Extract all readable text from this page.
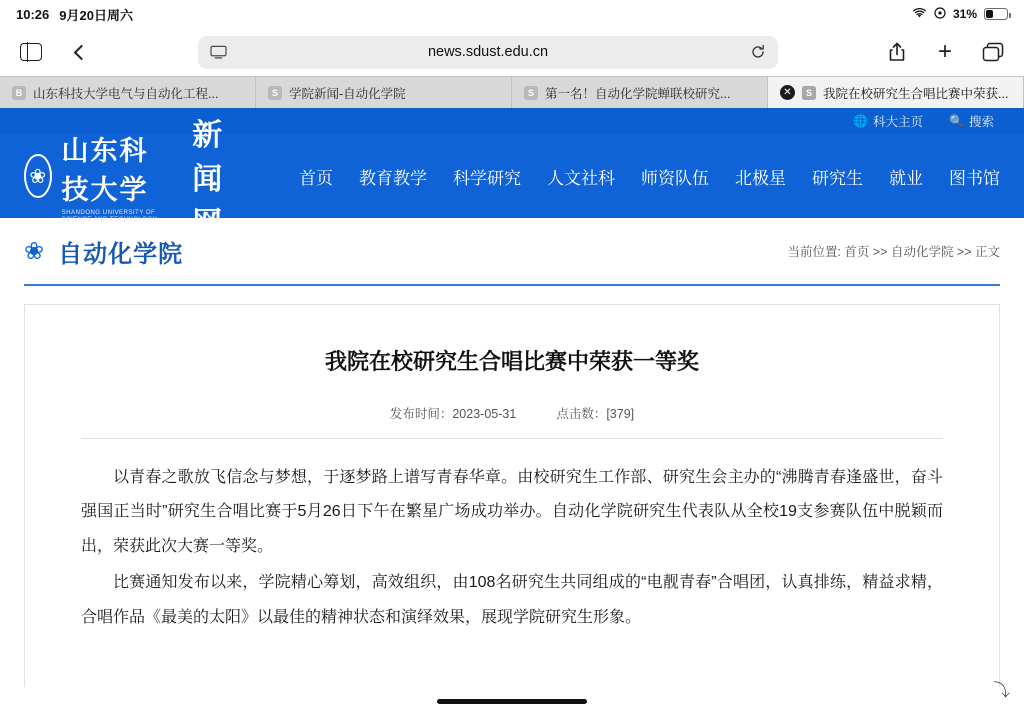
10:26 9月20日周六	31%
news.sdust.edu.cn	+
B 山东科技大学电气与自动化工程...	S 学院新闻-自动化学院	S 第一名！自动化学院蝉联校研究...	✕	S 我院在校研究生合唱比赛中荣获...
🌐 科大主页 🔍 搜索
❀
山东科技大学
SHANDONG UNIVERSITY OF SCIENCE AND TECHNOLOGY
新闻网
首页 教育教学 科学研究 人文社科 师资队伍 北极星 研究生 就业 图书馆
❀ 自动化学院	当前位置: 首页 >> 自动化学院 >> 正文
我院在校研究生合唱比赛中荣获一等奖
发布时间：2023-05-31	点击数：[379]

以青春之歌放飞信念与梦想，于逐梦路上谱写青春华章。由校研究生工作部、研究生会主办的“沸腾青春逢盛世，奋斗强国正当时”研究生合唱比赛于5月26日下午在繁星广场成功举办。自动化学院研究生代表队从全校19支参赛队伍中脱颖而出，荣获此次大赛一等奖。

比赛通知发布以来，学院精心筹划，高效组织，由108名研究生共同组成的“电靓青春”合唱团，认真排练，精益求精，合唱作品《最美的太阳》以最佳的精神状态和演绎效果，展现学院研究生形象。

⤵
